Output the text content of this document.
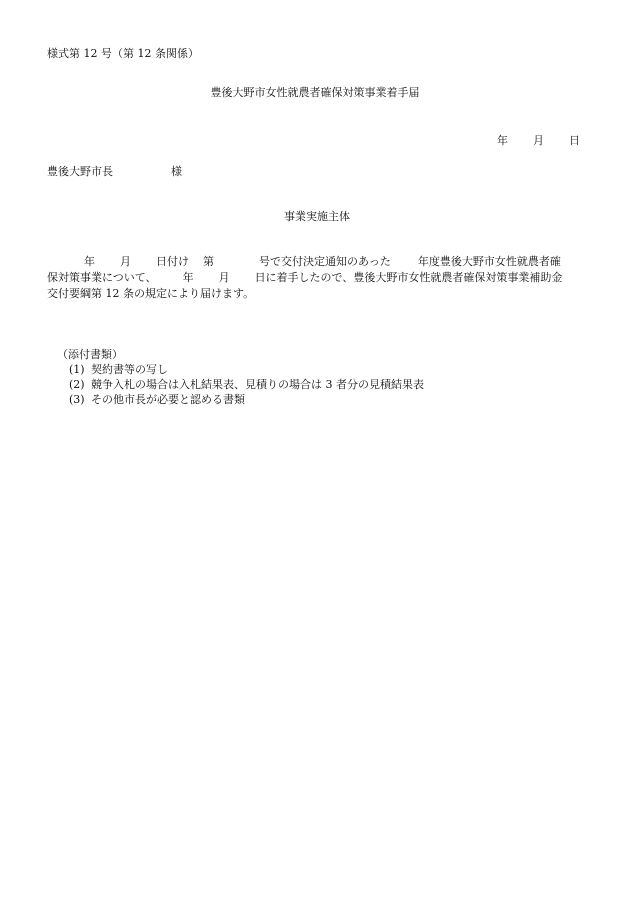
様式第 12 号（第 12 条関係）
豊後大野市女性就農者確保対策事業着手届
年 月 日
豊後大野市長	様
事業実施主体
年 月 日付け 第	号で交付決定通知のあった 年度豊後大野市女性就農者確
保対策事業について、 年 月 日に着手したので、豊後大野市女性就農者確保対策事業補助金
交付要綱第 12 条の規定により届けます。
（添付書類）
(1) 契約書等の写し
(2) 競争入札の場合は入札結果表、見積りの場合は 3 者分の見積結果表
(3) その他市長が必要と認める書類
